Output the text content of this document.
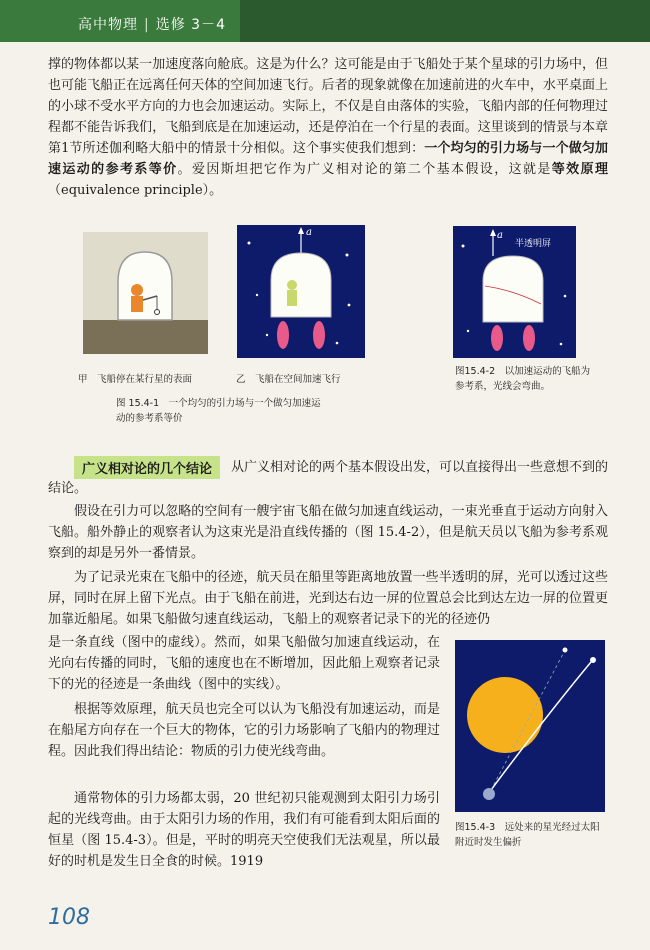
高中物理 | 选修 3－4
撑的物体都以某一加速度落向舱底。这是为什么？这可能是由于飞船处于某个星球的引力场中，但也可能飞船正在远离任何天体的空间加速飞行。后者的现象就像在加速前进的火车中，水平桌面上的小球不受水平方向的力也会加速运动。实际上，不仅是自由落体的实验，飞船内部的任何物理过程都不能告诉我们，飞船到底是在加速运动，还是停泊在一个行星的表面。这里谈到的情景与本章第1节所述伽利略大船中的情景十分相似。这个事实使我们想到：一个均匀的引力场与一个做匀加速运动的参考系等价。爱因斯坦把它作为广义相对论的第二个基本假设，这就是等效原理（equivalence principle）。
a	a
半透明屏
甲　飞船停在某行星的表面	乙　飞船在空间加速飞行
图 15.4-1　一个均匀的引力场与一个做匀加速运动的参考系等价
图15.4-2　以加速运动的飞船为参考系，光线会弯曲。
广义相对论的几个结论	从广义相对论的两个基本假设出发，可以直接得出一些意想不到的结论。
假设在引力可以忽略的空间有一艘宇宙飞船在做匀加速直线运动，一束光垂直于运动方向射入飞船。船外静止的观察者认为这束光是沿直线传播的（图 15.4-2），但是航天员以飞船为参考系观察到的却是另外一番情景。
为了记录光束在飞船中的径迹，航天员在船里等距离地放置一些半透明的屏，光可以透过这些屏，同时在屏上留下光点。由于飞船在前进，光到达右边一屏的位置总会比到达左边一屏的位置更加靠近船尾。如果飞船做匀速直线运动，飞船上的观察者记录下的光的径迹仍
是一条直线（图中的虚线）。然而，如果飞船做匀加速直线运动，在光向右传播的同时，飞船的速度也在不断增加，因此船上观察者记录下的光的径迹是一条曲线（图中的实线）。
根据等效原理，航天员也完全可以认为飞船没有加速运动，而是在船尾方向存在一个巨大的物体，它的引力场影响了飞船内的物理过程。因此我们得出结论：物质的引力使光线弯曲。
通常物体的引力场都太弱，20 世纪初只能观测到太阳引力场引起的光线弯曲。由于太阳引力场的作用，我们有可能看到太阳后面的恒星（图 15.4-3）。但是，平时的明亮天空使我们无法观星，所以最好的时机是发生日全食的时候。1919
图15.4-3　远处来的星光经过太阳附近时发生偏折
108
